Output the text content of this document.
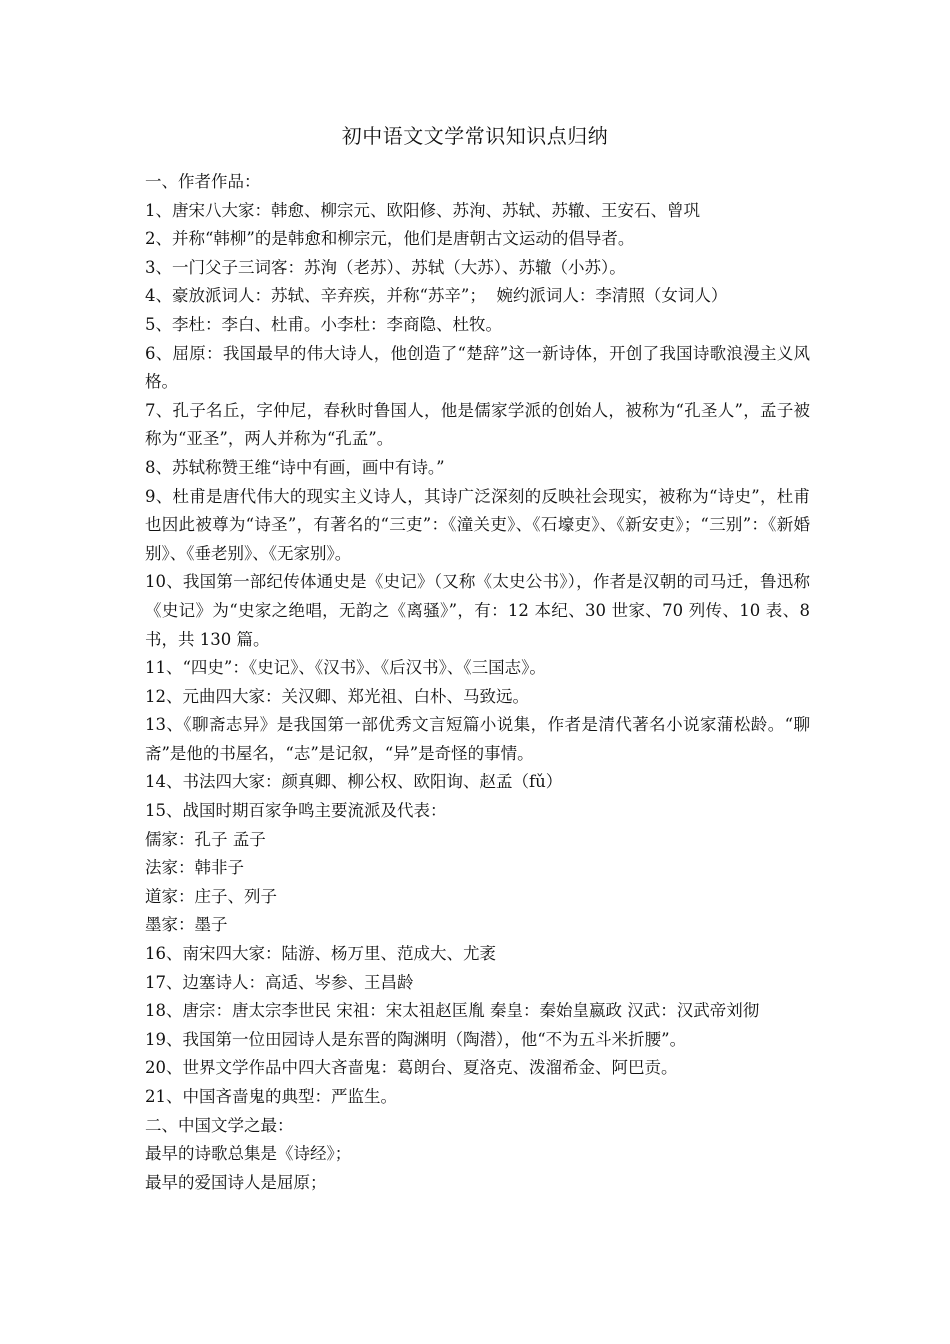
初中语文文学常识知识点归纳

一、作者作品：

1、唐宋八大家：韩愈、柳宗元、欧阳修、苏洵、苏轼、苏辙、王安石、曾巩

2、并称“韩柳”的是韩愈和柳宗元，他们是唐朝古文运动的倡导者。

3、一门父子三词客：苏洵（老苏）、苏轼（大苏）、苏辙（小苏）。

4、豪放派词人：苏轼、辛弃疾，并称“苏辛”；  婉约派词人：李清照（女词人）

5、李杜：李白、杜甫。小李杜：李商隐、杜牧。

6、屈原：我国最早的伟大诗人，他创造了“楚辞”这一新诗体，开创了我国诗歌浪漫主义风格。

7、孔子名丘，字仲尼，春秋时鲁国人，他是儒家学派的创始人，被称为“孔圣人”，孟子被称为“亚圣”，两人并称为“孔孟”。

8、苏轼称赞王维“诗中有画，画中有诗。”

9、杜甫是唐代伟大的现实主义诗人，其诗广泛深刻的反映社会现实，被称为“诗史”，杜甫也因此被尊为“诗圣”，有著名的“三吏”：《潼关吏》、《石壕吏》、《新安吏》；“三别”：《新婚别》、《垂老别》、《无家别》。

10、我国第一部纪传体通史是《史记》（又称《太史公书》），作者是汉朝的司马迁，鲁迅称《史记》为“史家之绝唱，无韵之《离骚》”，有：12 本纪、30 世家、70 列传、10 表、8 书，共 130 篇。

11、“四史”：《史记》、《汉书》、《后汉书》、《三国志》。

12、元曲四大家：关汉卿、郑光祖、白朴、马致远。

13、《聊斋志异》是我国第一部优秀文言短篇小说集，作者是清代著名小说家蒲松龄。“聊斋”是他的书屋名，“志”是记叙，“异”是奇怪的事情。

14、书法四大家：颜真卿、柳公权、欧阳询、赵孟（fǔ）

15、战国时期百家争鸣主要流派及代表：

儒家：孔子 孟子

法家：韩非子

道家：庄子、列子

墨家：墨子

16、南宋四大家：陆游、杨万里、范成大、尤袤

17、边塞诗人：高适、岑参、王昌龄

18、唐宗：唐太宗李世民 宋祖：宋太祖赵匡胤 秦皇：秦始皇嬴政 汉武：汉武帝刘彻

19、我国第一位田园诗人是东晋的陶渊明（陶潜），他“不为五斗米折腰”。

20、世界文学作品中四大吝啬鬼：葛朗台、夏洛克、泼溜希金、阿巴贡。

21、中国吝啬鬼的典型：严监生。

二、中国文学之最：

最早的诗歌总集是《诗经》；

最早的爱国诗人是屈原；
